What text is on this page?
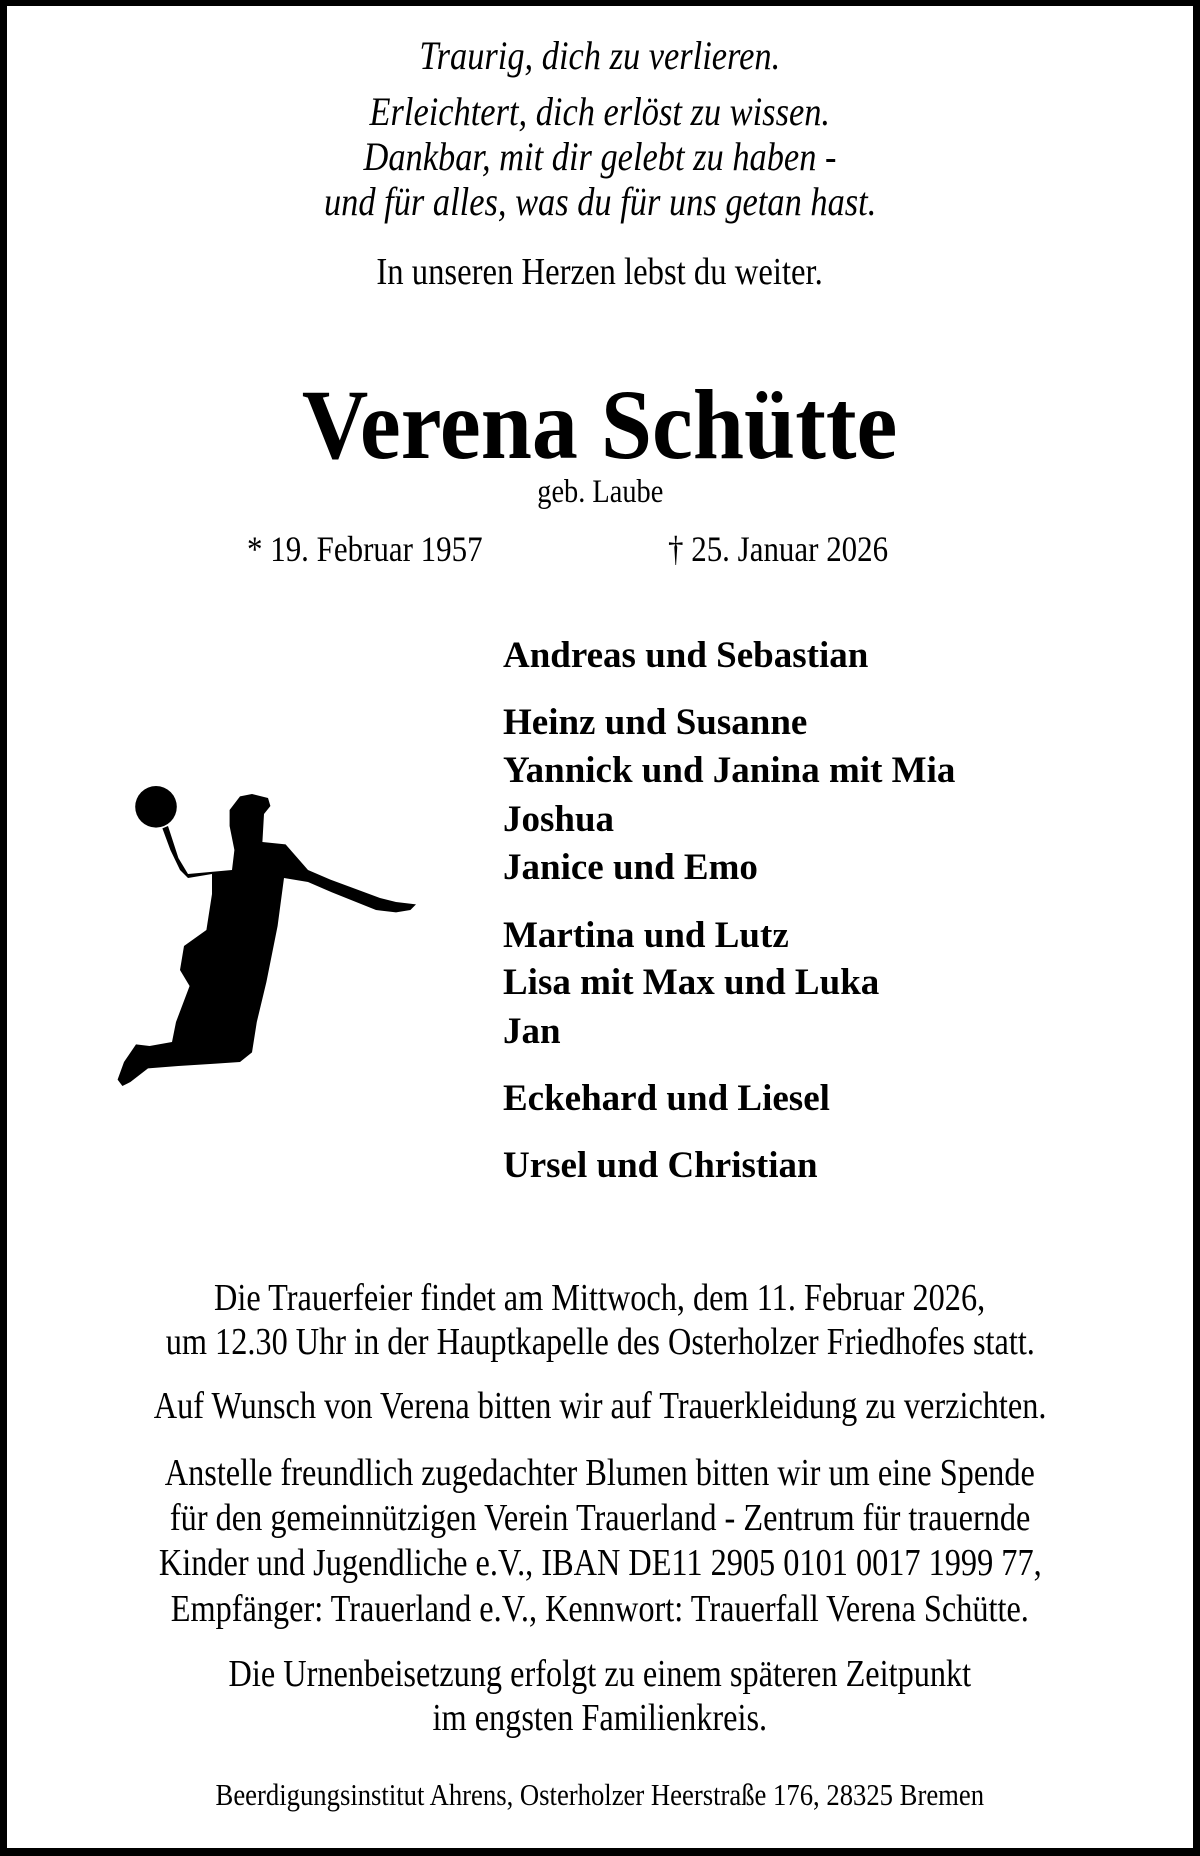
Traurig, dich zu verlieren.
Erleichtert, dich erlöst zu wissen.
Dankbar, mit dir gelebt zu haben -
und für alles, was du für uns getan hast.
In unseren Herzen lebst du weiter.
Verena Schütte
geb. Laube
* 19. Februar 1957	† 25. Januar 2026
Andreas und Sebastian
Heinz und Susanne
Yannick und Janina mit Mia
Joshua
Janice und Emo
Martina und Lutz
Lisa mit Max und Luka
Jan
Eckehard und Liesel
Ursel und Christian
Die Trauerfeier findet am Mittwoch, dem 11. Februar 2026,
um 12.30 Uhr in der Hauptkapelle des Osterholzer Friedhofes statt.
Auf Wunsch von Verena bitten wir auf Trauerkleidung zu verzichten.
Anstelle freundlich zugedachter Blumen bitten wir um eine Spende
für den gemeinnützigen Verein Trauerland - Zentrum für trauernde
Kinder und Jugendliche e.V., IBAN DE11 2905 0101 0017 1999 77,
Empfänger: Trauerland e.V., Kennwort: Trauerfall Verena Schütte.
Die Urnenbeisetzung erfolgt zu einem späteren Zeitpunkt
im engsten Familienkreis.
Beerdigungsinstitut Ahrens, Osterholzer Heerstraße 176, 28325 Bremen
